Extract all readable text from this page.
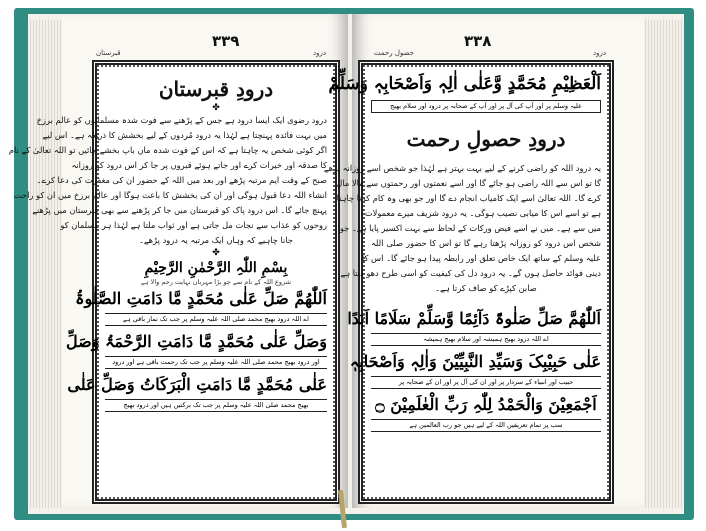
۳۳۹
قبرستان	درود
درودِ قبرستان
✤
درود رضوی ایک ایسا درود ہے جس کے پڑھنے سے فوت شدہ مسلمانوں کو عالم برزخ
میں بہت فائدہ پہنچتا ہے لہٰذا یہ درود مُردوں کے لیے بخشش کا ذریعہ ہے۔ اس لیے
اگر کوئی شخص یہ چاہتا ہے کہ اس کے فوت شدہ ماں باپ بخشے جائیں تو اللہ تعالیٰ کے نام
کا صدقہ اور خیرات کرے اور جاتے ہوئے قبروں پر جا کر اس درود کو روزانہ
صبح کے وقت ایم مرتبہ پڑھے اور بعد میں اللہ کے حضور ان کی مغفرت کی دعا کرے۔
انشاء اللہ دعا قبول ہوگی اور ان کی بخشش کا باعث ہوگا اور عالم برزخ میں ان کو راحت
پہنچ جائے گا۔ اس درود پاک کو قبرستان میں جا کر پڑھنے سے بھی قبرستان میں پڑھنے
روحوں کو عذاب سے نجات مل جاتی ہے اور ثواب ملتا ہے لہٰذا ہر مسلمان کو
جانا چاہیے کہ وہاں ایک مرتبہ یہ درود پڑھے۔
✤
بِسْمِ اللّٰہِ الرَّحْمٰنِ الرَّحِیْمِ
شروع اللہ کے نام سے جو بڑا مہربان نہایت رحم والا ہے
اَللّٰھُمَّ صَلِّ عَلٰی مُحَمَّدٍ مَّا دَامَتِ الصَّلٰوۃُ
اے اللہ درود بھیج محمد صلی اللہ علیہ وسلم پر جب تک نماز باقی ہے
وَصَلِّ عَلٰی مُحَمَّدٍ مَّا دَامَتِ الرَّحْمَۃُ وَصَلِّ
اور درود بھیج محمد صلی اللہ علیہ وسلم پر جب تک رحمت باقی ہے اور درود
عَلٰی مُحَمَّدٍ مَّا دَامَتِ الْبَرَکَاتُ وَصَلِّ عَلٰی
بھیج محمد صلی اللہ علیہ وسلم پر جب تک برکتیں ہیں اور درود بھیج
۳۳۸
حصول رحمت	درود
اَلْعَظِیْمِ مُحَمَّدٍ وَّعَلٰی اٰلِہٖ وَاَصْحَابِہٖ وَسَلِّمْ
علیہ وسلم پر اور آپ کی آل پر اور آپ کے صحابہ پر درود اور سلام بھیج
درودِ حصولِ رحمت
یہ درود اللہ کو راضی کرنے کے لیے بہت بہتر ہے لہٰذا جو شخص اسے روزانہ پڑھے
گا تو اس سے اللہ راضی ہو جائے گا اور اسے نعمتوں اور رحمتوں سے مالا مال
کرے گا۔ اللہ تعالیٰ اسے ایک کامیاب انجام دے گا اور جو بھی وہ کام کرنا چاہتا
ہے تو اسے اس کا میابی نصیب ہوگی۔ یہ درود شریف میرے معمولات
میں سے ہے۔ میں نے اسے فیض ورکات کے لحاظ سے بہت اکسیر پایا ہے۔ جو
شخص اس درود کو روزانہ پڑھتا رہے گا تو اس کا حضور صلی اللہ
علیہ وسلم کے ساتھ ایک خاص تعلق اور رابطہ پیدا ہو جائے گا۔ اس کا
دینی فوائد حاصل ہوں گے۔ یہ درود دل کی کیفیت کو اسی طرح دھو دیتا ہے
صابن کپڑے کو صاف کرتا ہے۔
اَللّٰھُمَّ صَلِّ صَلٰوۃً دَآئِمًا وَّسَلِّمْ سَلَامًا اَبَدًا
اے اللہ درود بھیج ہمیشہ اور سلام بھیج ہمیشہ
عَلٰی حَبِیْبِکَ وَسَیِّدِ النَّبِیِّیْنَ وَاٰلِہٖ وَاَصْحَابِہٖ
حبیب اور انبیاء کے سردار پر اور ان کی آل پر اور ان کے صحابہ پر
اَجْمَعِیْنَ وَالْحَمْدُ لِلّٰہِ رَبِّ الْعٰلَمِیْنَ ۝
سب پر تمام تعریفیں اللہ کے لیے ہیں جو رب العالمین ہے
